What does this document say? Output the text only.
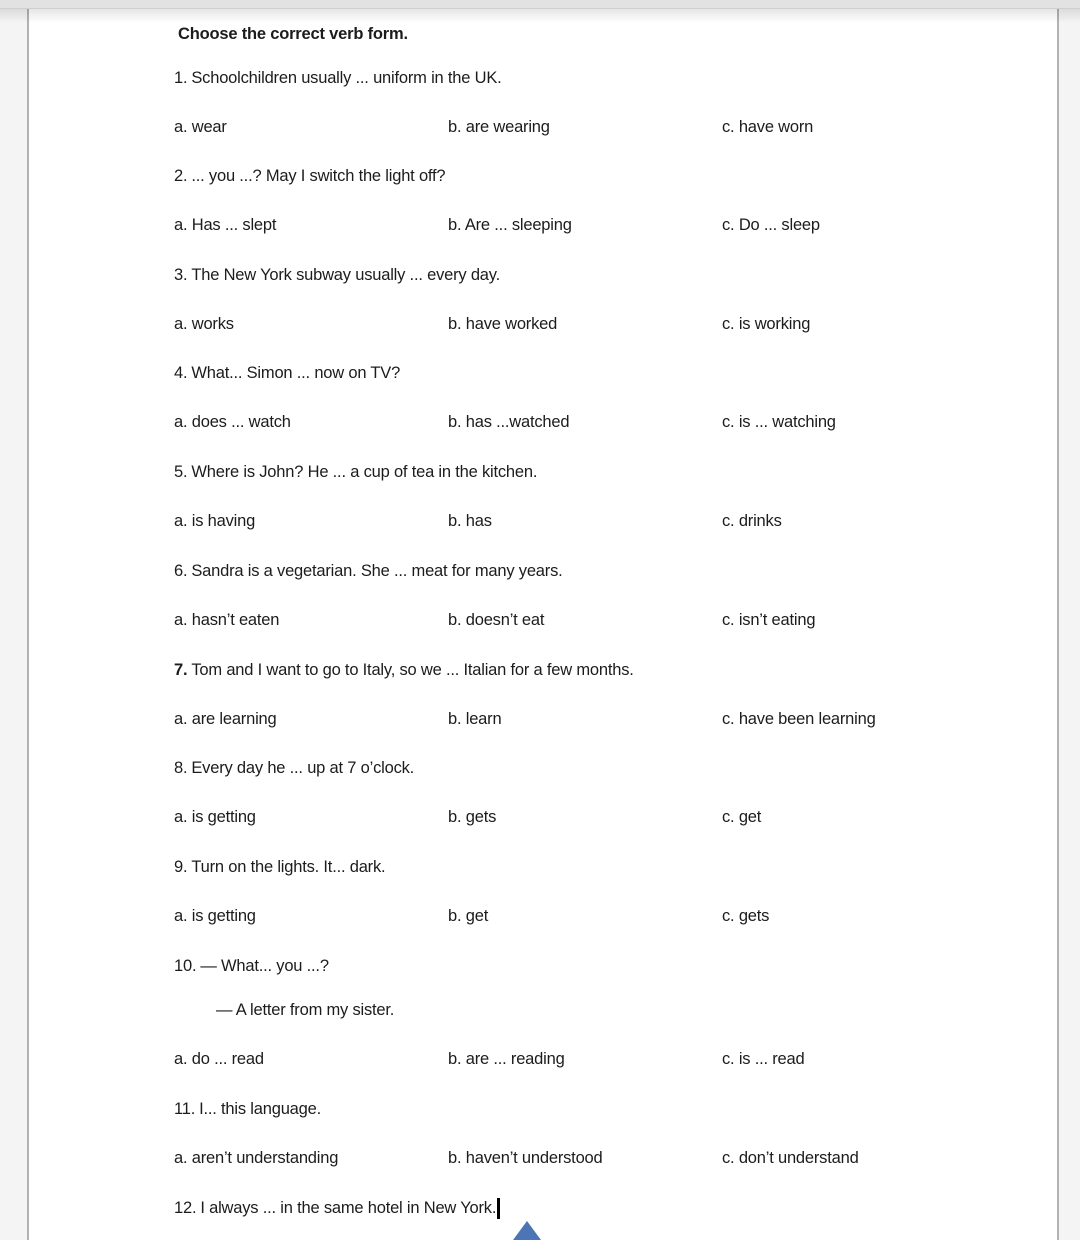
Choose the correct verb form.
1. Schoolchildren usually ... uniform in the UK.
a. wear	b. are wearing	c. have worn
2. ... you ...? May I switch the light off?
a. Has ... slept	b. Are ... sleeping	c. Do ... sleep
3. The New York subway usually ... every day.
a. works	b. have worked	c. is working
4. What... Simon ... now on TV?
a. does ... watch	b. has ...watched	c. is ... watching
5. Where is John? He ... a cup of tea in the kitchen.
a. is having	b. has	c. drinks
6. Sandra is a vegetarian. She ... meat for many years.
a. hasn’t eaten	b. doesn’t eat	c. isn’t eating
7. Tom and I want to go to Italy, so we ... Italian for a few months.
a. are learning	b. learn	c. have been learning
8. Every day he ... up at 7 o’clock.
a. is getting	b. gets	c. get
9. Turn on the lights. It... dark.
a. is getting	b. get	c. gets
10. — What... you ...?
— A letter from my sister.
a. do ... read	b. are ... reading	c. is ... read
11. I... this language.
a. aren’t understanding	b. haven’t understood	c. don’t understand
12. I always ... in the same hotel in New York.
